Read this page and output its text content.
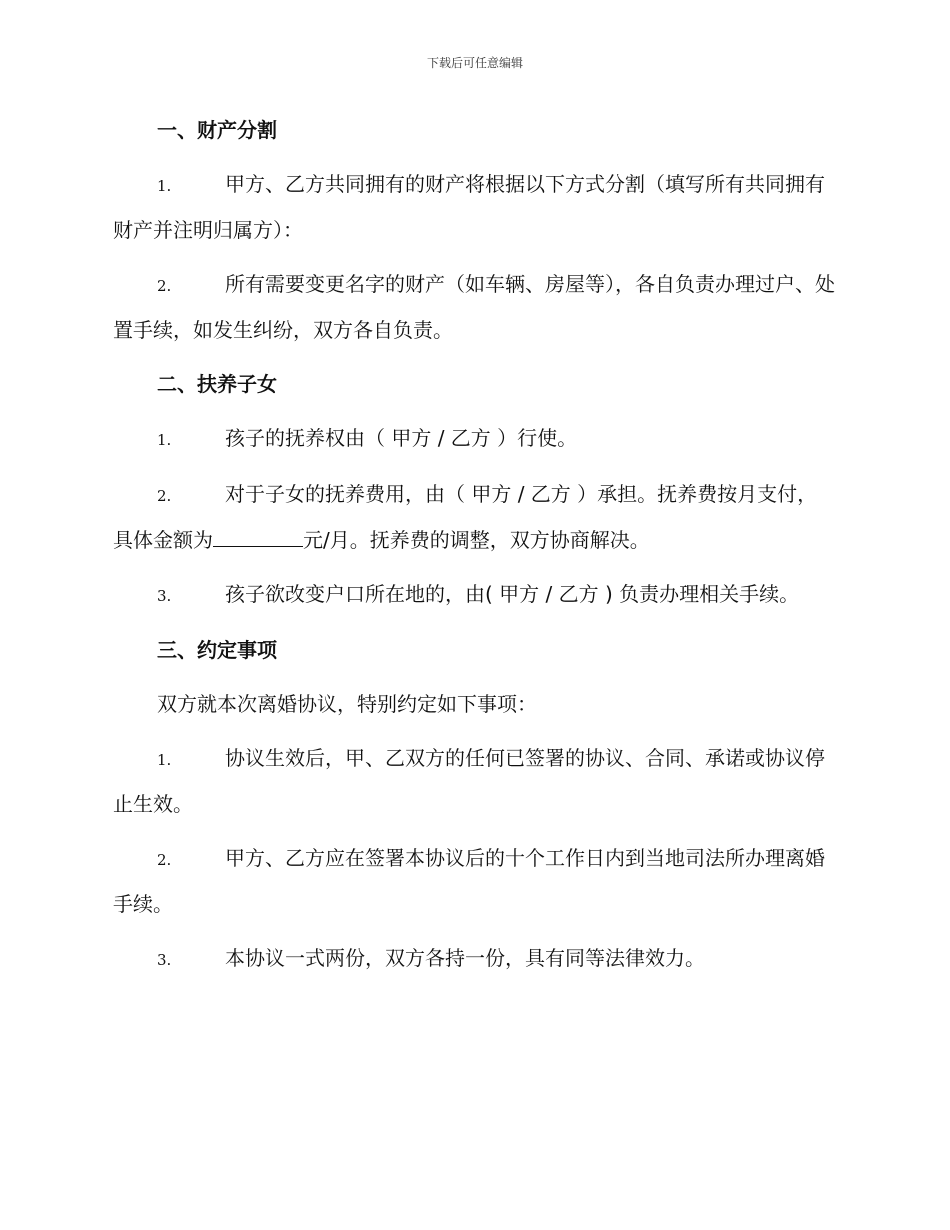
下载后可任意编辑
一、财产分割
1.	甲方、乙方共同拥有的财产将根据以下方式分割（填写所有共同拥有财产并注明归属方）：
2.	所有需要变更名字的财产（如车辆、房屋等），各自负责办理过户、处置手续，如发生纠纷，双方各自负责。
二、扶养子女
1.	孩子的抚养权由（ 甲方 / 乙方 ）行使。
2.	对于子女的抚养费用，由（ 甲方 / 乙方 ）承担。抚养费按月支付，具体金额为	元/月。抚养费的调整，双方协商解决。
3.	孩子欲改变户口所在地的，由( 甲方 / 乙方 ) 负责办理相关手续。
三、约定事项
双方就本次离婚协议，特别约定如下事项：
1.	协议生效后，甲、乙双方的任何已签署的协议、合同、承诺或协议停止生效。
2.	甲方、乙方应在签署本协议后的十个工作日内到当地司法所办理离婚手续。
3.	本协议一式两份，双方各持一份，具有同等法律效力。
